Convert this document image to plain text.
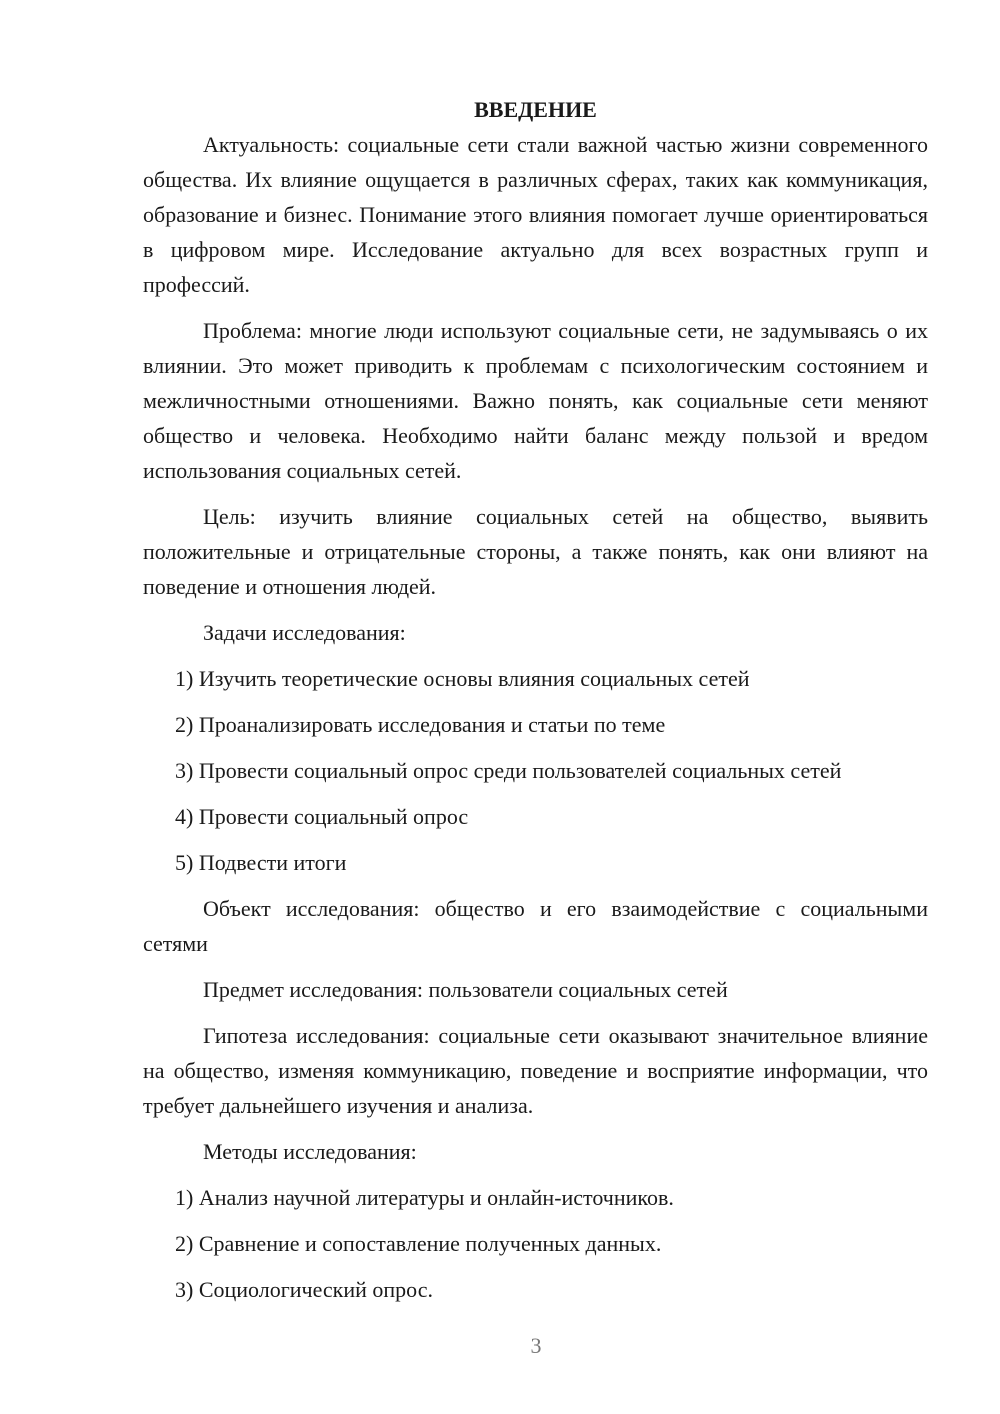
ВВЕДЕНИЕ

Актуальность: социальные сети стали важной частью жизни современного общества. Их влияние ощущается в различных сферах, таких как коммуникация, образование и бизнес. Понимание этого влияния помогает лучше ориентироваться в цифровом мире. Исследование актуально для всех возрастных групп и профессий.

Проблема: многие люди используют социальные сети, не задумываясь о их влиянии. Это может приводить к проблемам с психологическим состоянием и межличностными отношениями. Важно понять, как социальные сети меняют общество и человека. Необходимо найти баланс между пользой и вредом использования социальных сетей.

Цель: изучить влияние социальных сетей на общество, выявить положительные и отрицательные стороны, а также понять, как они влияют на поведение и отношения людей.

Задачи исследования:

1) Изучить теоретические основы влияния социальных сетей

2) Проанализировать исследования и статьи по теме

3) Провести социальный опрос среди пользователей социальных сетей

4) Провести социальный опрос

5) Подвести итоги

Объект исследования: общество и его взаимодействие с социальными сетями

Предмет исследования: пользователи социальных сетей

Гипотеза исследования: социальные сети оказывают значительное влияние на общество, изменяя коммуникацию, поведение и восприятие информации, что требует дальнейшего изучения и анализа.

Методы исследования:

1) Анализ научной литературы и онлайн-источников.

2) Сравнение и сопоставление полученных данных.

3) Социологический опрос.

3
